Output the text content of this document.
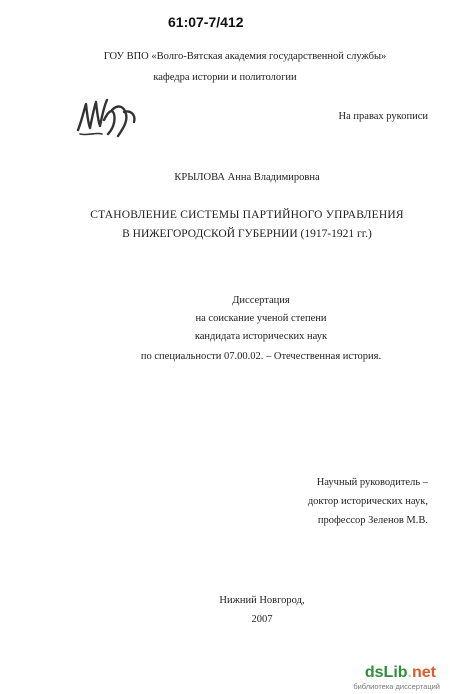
61:07-7/412
ГОУ ВПО «Волго-Вятская академия государственной службы»
кафедра истории и политологии
На правах рукописи
КРЫЛОВА Анна Владимировна
СТАНОВЛЕНИЕ СИСТЕМЫ ПАРТИЙНОГО УПРАВЛЕНИЯ
В НИЖЕГОРОДСКОЙ ГУБЕРНИИ (1917-1921 гг.)
Диссертация
на соискание ученой степени
кандидата исторических наук
по специальности 07.00.02. – Отечественная история.
Научный руководитель –
доктор исторических наук,
профессор Зеленов М.В.
Нижний Новгород,
2007
dsLib.net
библиотека диссертаций
